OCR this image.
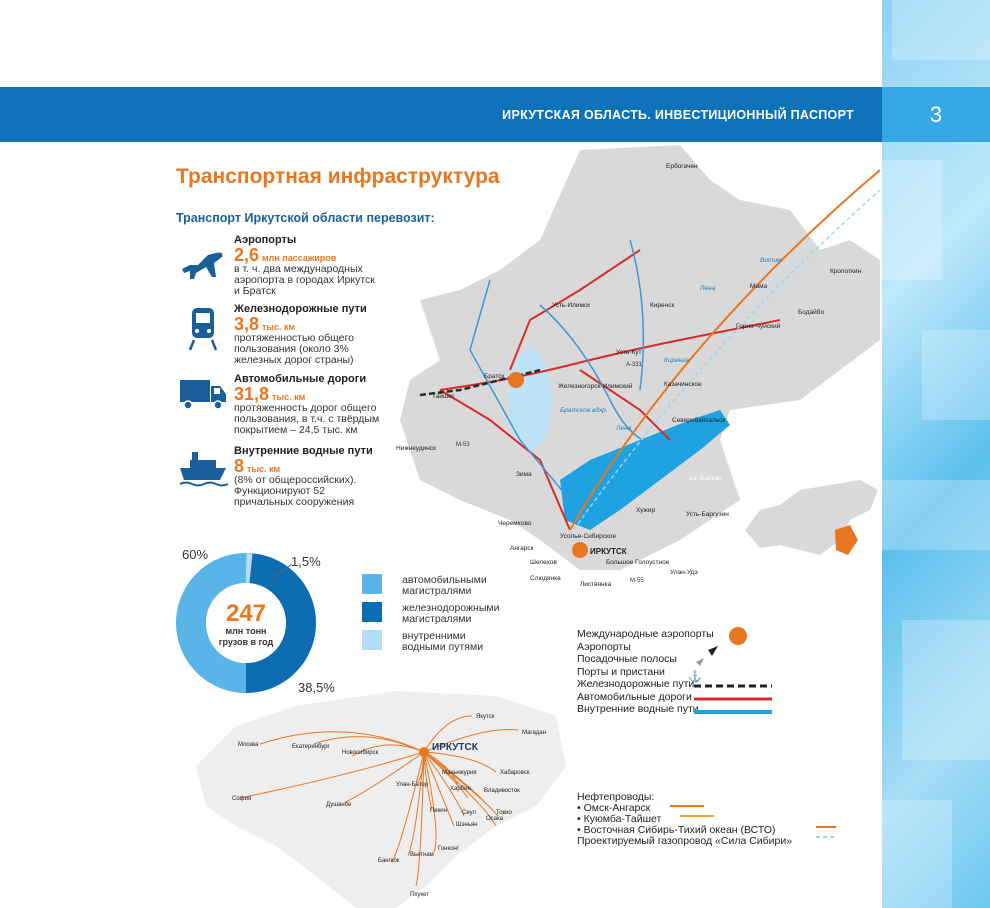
ИРКУТСКАЯ ОБЛАСТЬ. ИНВЕСТИЦИОННЫЙ ПАСПОРТ	3
Транспортная инфраструктура
Транспорт Иркутской области перевозит:
Аэропорты
2,6 млн пассажиров
в т. ч. два международных
аэропорта в городах Иркутск
и Братск
Железнодорожные пути
3,8 тыс. км
протяженностью общего
пользования (около 3%
железных дорог страны)
Автомобильные дороги
31,8 тыс. км
протяженность дорог общего
пользования, в т.ч. с твёрдым
покрытием – 24,5 тыс. км
Внутренние водные пути
8 тыс. км
(8% от общероссийских).
Функционируют 52
причальных сооружения
247
млн тонн
грузов в год
60%
38,5%
1,5%
автомобильными
магистралями
железнодорожными
магистралями
внутренними
водными путями
Ербогачен
Усть-Илимск	Киренск
Мама
Кропоткин
Горно-Чуйский
Бодайбо
Усть-Кут
Железногорск-Илимский	Казачинское
Братск
Тайшет
Нижнеудинск
Северобайкальск
Зима
Черемхово
Усолье-Сибирское
Ангарск
Шелехов
Слюдянка
Листвянка
Большое Голоустное
Хужир
Усть-Баргузин
Улан-Удэ
ИРКУТСК
А-331
М-53
М-55
Братское вдхр.
Лена
Киренга
Витим
Лена
оз. Байкал
Международные аэропорты
Аэропорты
Посадочные полосы
Порты и пристани
Железнодорожные пути
Автомобильные дороги
Внутренние водные пути
⚓
ИРКУТСК
Якутск
Магадан
Москва	Екатеринбург
Новосибирск
Хабаровск
Улан-Батор
Маньчжурия
Харбин Владивосток
София
Душанбе
Пекин	Сеул	Токио
Осака
Шэньян
Гонконг
Вьетнам
Бангкок
Пхукет
Нефтепроводы:
• Омск-Ангарск
• Куюмба-Тайшет
• Восточная Сибирь-Тихий океан (ВСТО)
Проектируемый газопровод «Сила Сибири»
